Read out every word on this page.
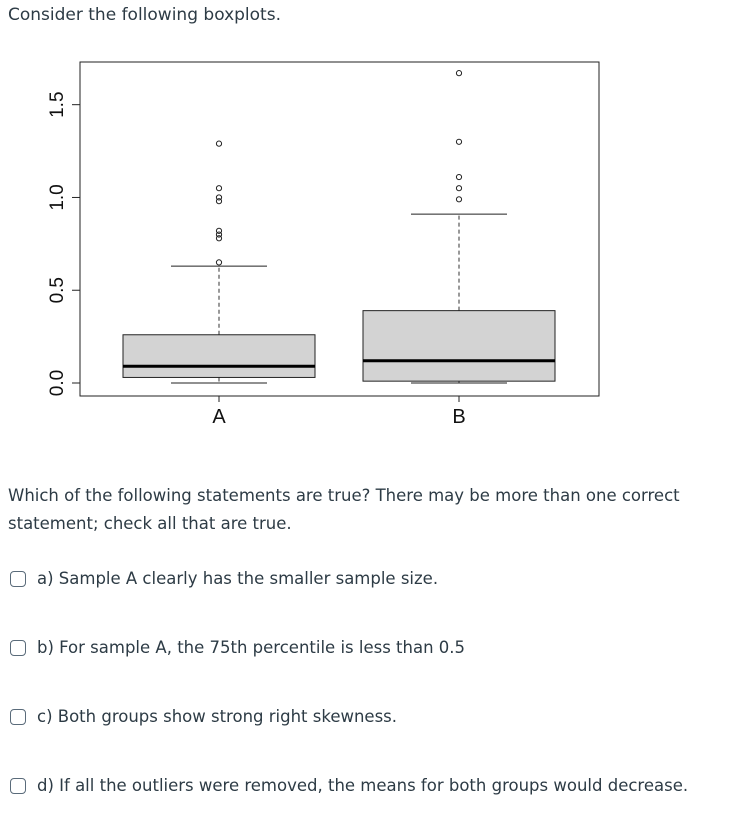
Consider the following boxplots.
0.0
0.5
1.0
1.5
A	B
Which of the following statements are true? There may be more than one correct statement; check all that are true.
a) Sample A clearly has the smaller sample size.
b) For sample A, the 75th percentile is less than 0.5
c) Both groups show strong right skewness.
d) If all the outliers were removed, the means for both groups would decrease.
